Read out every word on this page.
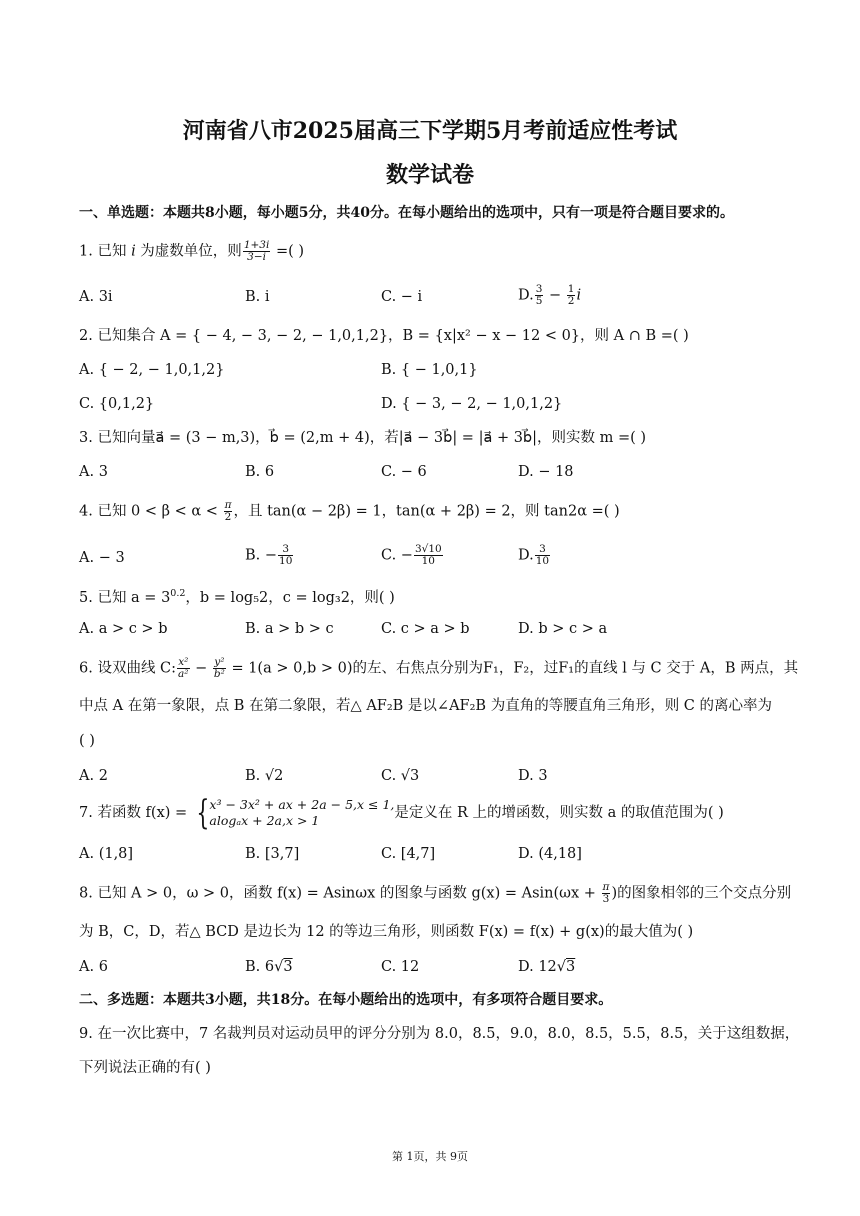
河南省八市2025届高三下学期5月考前适应性考试
数学试卷
一、单选题：本题共8小题，每小题5分，共40分。在每小题给出的选项中，只有一项是符合题目要求的。
1. 已知 i 为虚数单位，则 $\frac{1+3i}{3-i}$ =( )
A. 3i	B. i	C. − i	D. $\frac{3}{5} - \frac{1}{2}$ i
2. 已知集合 A = { − 4, − 3, − 2, − 1,0,1,2}，B = {x|x² − x − 12 < 0}，则 A ∩ B =( )
A. { − 2, − 1,0,1,2}	B. { − 1,0,1}
C. {0,1,2}	D. { − 3, − 2, − 1,0,1,2}
3. 已知向量a⃗ = (3 − m,3)，b⃗ = (2,m + 4)，若|a⃗ − 3b⃗| = |a⃗ + 3b⃗|，则实数 m =( )
A. 3	B. 6	C. − 6	D. − 18
4. 已知 $0 < \beta < \alpha < \frac{\pi}{2}$ ，且 tan(α − 2β) = 1，tan(α + 2β) = 2，则 tan2α =( )
A. − 3	B. − $\frac{3}{10}$	C. − $\frac{3√10}{10}$	D. $\frac{3}{10}$
5. 已知 $a = 3^{0.2}$，b = log₅2，c = log₃2，则( )
A. a > c > b	B. a > b > c	C. c > a > b	D. b > c > a
6. 设双曲线 C: $\frac{\text{x²}}{\text{a²}} - \frac{\text{y²}}{\text{b²}} = 1(a > 0,b > 0)$的左、右焦点分别为F₁，F₂，过F₁的直线 l 与 C 交于 A，B 两点，其
中点 A 在第一象限，点 B 在第二象限，若△ AF₂B 是以∠AF₂B 为直角的等腰直角三角形，则 C 的离心率为
( )
A. 2	B. √2	C. √3	D. 3
7. 若函数 f(x) = { x³ − 3x² + ax + 2a − 5,x ≤ 1,
alogₐx + 2a,x > 1	是定义在 R 上的增函数，则实数 a 的取值范围为( )
A. (1,8]	B. [3,7]	C. [4,7]	D. (4,18]
8. 已知 A > 0，ω > 0，函数 f(x) = Asinωx 的图象与函数 $g(x) = Asin(\omega x + \frac{\pi}{3}$ )的图象相邻的三个交点分别
为 B，C，D，若△ BCD 是边长为 12 的等边三角形，则函数 F(x) = f(x) + g(x)的最大值为( )
A. 6	B. 6√3	C. 12	D. 12√3
二、多选题：本题共3小题，共18分。在每小题给出的选项中，有多项符合题目要求。
9. 在一次比赛中，7 名裁判员对运动员甲的评分分别为 8.0，8.5，9.0，8.0，8.5，5.5，8.5，关于这组数据，
下列说法正确的有( )
第 1页，共 9页
